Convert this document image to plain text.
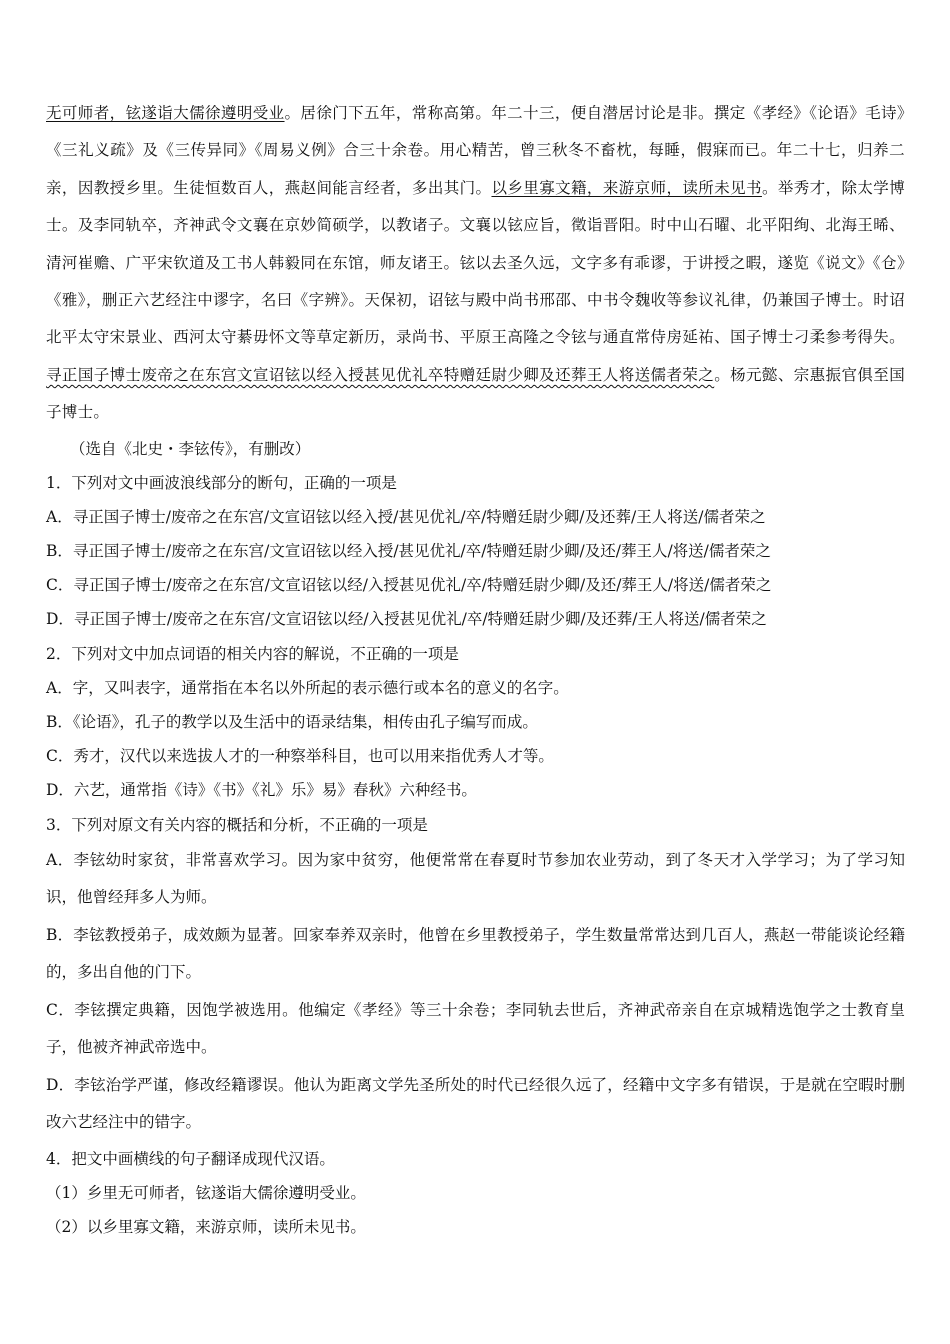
无可师者，铉遂诣大儒徐遵明受业。居徐门下五年，常称高第。年二十三，便自潜居讨论是非。撰定《孝经》《论语》毛诗》《三礼义疏》及《三传异同》《周易义例》合三十余卷。用心精苦，曾三秋冬不畜枕，每睡，假寐而已。年二十七，归养二亲，因教授乡里。生徒恒数百人，燕赵间能言经者，多出其门。以乡里寡文籍，来游京师，读所未见书。举秀才，除太学博士。及李同轨卒，齐神武令文襄在京妙简硕学，以教诸子。文襄以铉应旨，徵诣晋阳。时中山石曜、北平阳绚、北海王晞、清河崔赡、广平宋钦道及工书人韩毅同在东馆，师友诸王。铉以去圣久远，文字多有乖谬，于讲授之暇，遂览《说文》《仓》《雅》，删正六艺经注中谬字，名曰《字辨》。天保初，诏铉与殿中尚书邢邵、中书令魏收等参议礼律，仍兼国子博士。时诏北平太守宋景业、西河太守綦毋怀文等草定新历，录尚书、平原王高隆之令铉与通直常侍房延祐、国子博士刁柔参考得失。寻正国子博士废帝之在东宫文宣诏铉以经入授甚见优礼卒特赠廷尉少卿及还葬王人将送儒者荣之。杨元懿、宗惠振官俱至国子博士。

（选自《北史・李铉传》，有删改）

1．下列对文中画波浪线部分的断句，正确的一项是

A．寻正国子博士/废帝之在东宫/文宣诏铉以经入授/甚见优礼/卒/特赠廷尉少卿/及还葬/王人将送/儒者荣之

B．寻正国子博士/废帝之在东宫/文宣诏铉以经入授/甚见优礼/卒/特赠廷尉少卿/及还/葬王人/将送/儒者荣之

C．寻正国子博士/废帝之在东宫/文宣诏铉以经/入授甚见优礼/卒/特赠廷尉少卿/及还/葬王人/将送/儒者荣之

D．寻正国子博士/废帝之在东宫/文宣诏铉以经/入授甚见优礼/卒/特赠廷尉少卿/及还葬/王人将送/儒者荣之

2．下列对文中加点词语的相关内容的解说，不正确的一项是

A．字，又叫表字，通常指在本名以外所起的表示德行或本名的意义的名字。

B．《论语》，孔子的教学以及生活中的语录结集，相传由孔子编写而成。

C．秀才，汉代以来选拔人才的一种察举科目，也可以用来指优秀人才等。

D．六艺，通常指《诗》《书》《礼》乐》易》春秋》六种经书。

3．下列对原文有关内容的概括和分析，不正确的一项是

A．李铉幼时家贫，非常喜欢学习。因为家中贫穷，他便常常在春夏时节参加农业劳动，到了冬天才入学学习；为了学习知识，他曾经拜多人为师。

B．李铉教授弟子，成效颇为显著。回家奉养双亲时，他曾在乡里教授弟子，学生数量常常达到几百人，燕赵一带能谈论经籍的，多出自他的门下。

C．李铉撰定典籍，因饱学被选用。他编定《孝经》等三十余卷；李同轨去世后，齐神武帝亲自在京城精选饱学之士教育皇子，他被齐神武帝选中。

D．李铉治学严谨，修改经籍谬误。他认为距离文学先圣所处的时代已经很久远了，经籍中文字多有错误，于是就在空暇时删改六艺经注中的错字。

4．把文中画横线的句子翻译成现代汉语。

（1）乡里无可师者，铉遂诣大儒徐遵明受业。

（2）以乡里寡文籍，来游京师，读所未见书。
